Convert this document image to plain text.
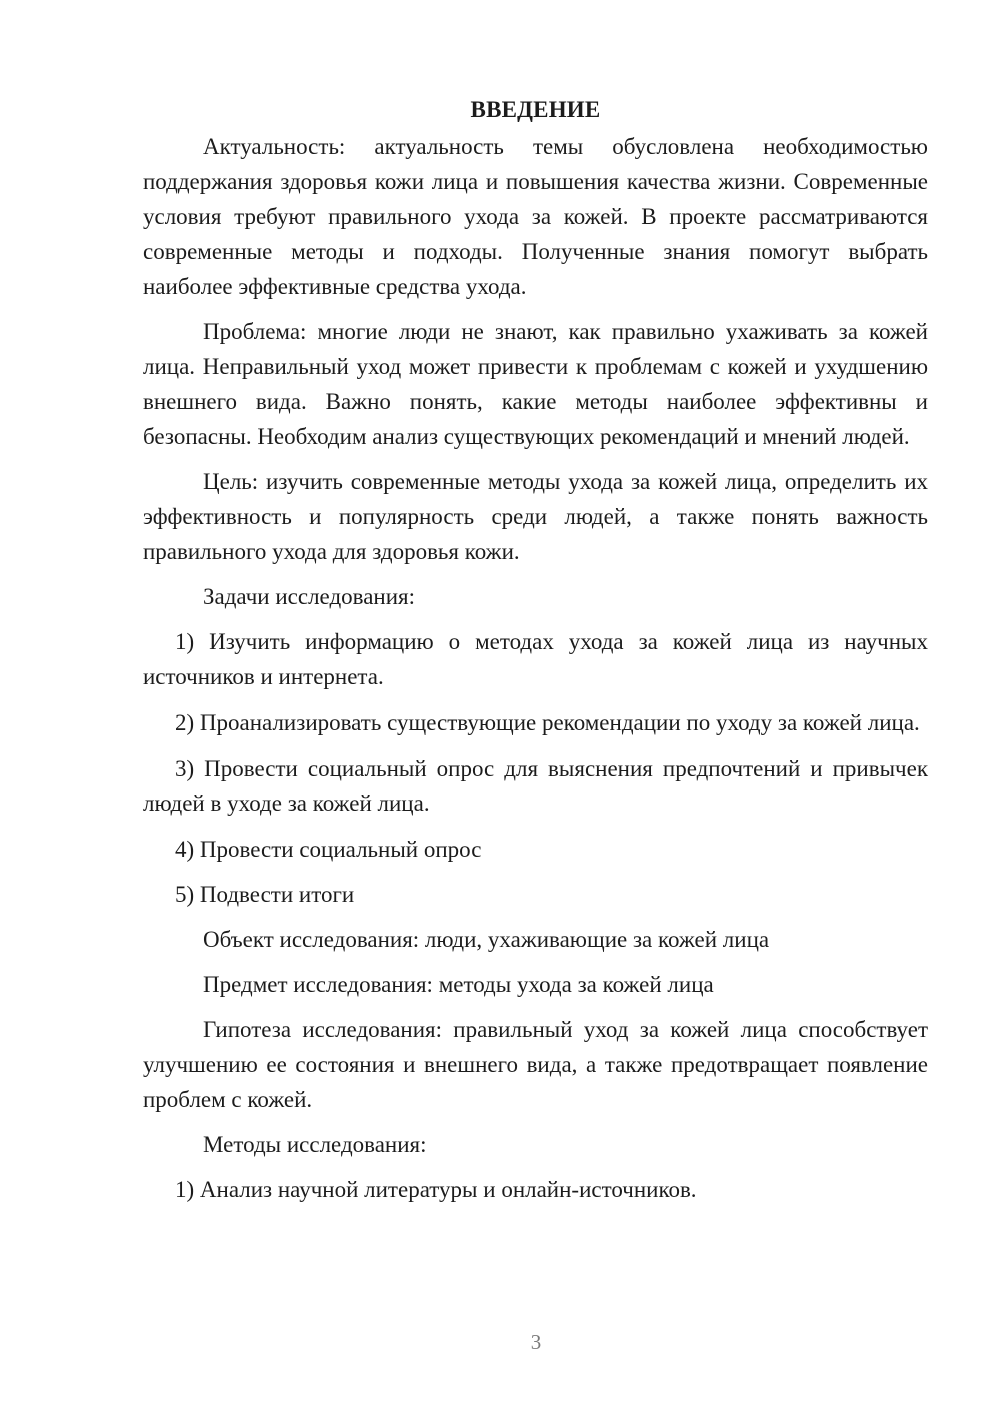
ВВЕДЕНИЕ

Актуальность: актуальность темы обусловлена необходимостью поддержания здоровья кожи лица и повышения качества жизни. Современные условия требуют правильного ухода за кожей. В проекте рассматриваются современные методы и подходы. Полученные знания помогут выбрать наиболее эффективные средства ухода.

Проблема: многие люди не знают, как правильно ухаживать за кожей лица. Неправильный уход может привести к проблемам с кожей и ухудшению внешнего вида. Важно понять, какие методы наиболее эффективны и безопасны. Необходим анализ существующих рекомендаций и мнений людей.

Цель: изучить современные методы ухода за кожей лица, определить их эффективность и популярность среди людей, а также понять важность правильного ухода для здоровья кожи.

Задачи исследования:

1) Изучить информацию о методах ухода за кожей лица из научных источников и интернета.

2) Проанализировать существующие рекомендации по уходу за кожей лица.

3) Провести социальный опрос для выяснения предпочтений и привычек людей в уходе за кожей лица.

4) Провести социальный опрос

5) Подвести итоги

Объект исследования: люди, ухаживающие за кожей лица

Предмет исследования: методы ухода за кожей лица

Гипотеза исследования: правильный уход за кожей лица способствует улучшению ее состояния и внешнего вида, а также предотвращает появление проблем с кожей.

Методы исследования:

1) Анализ научной литературы и онлайн-источников.

3
